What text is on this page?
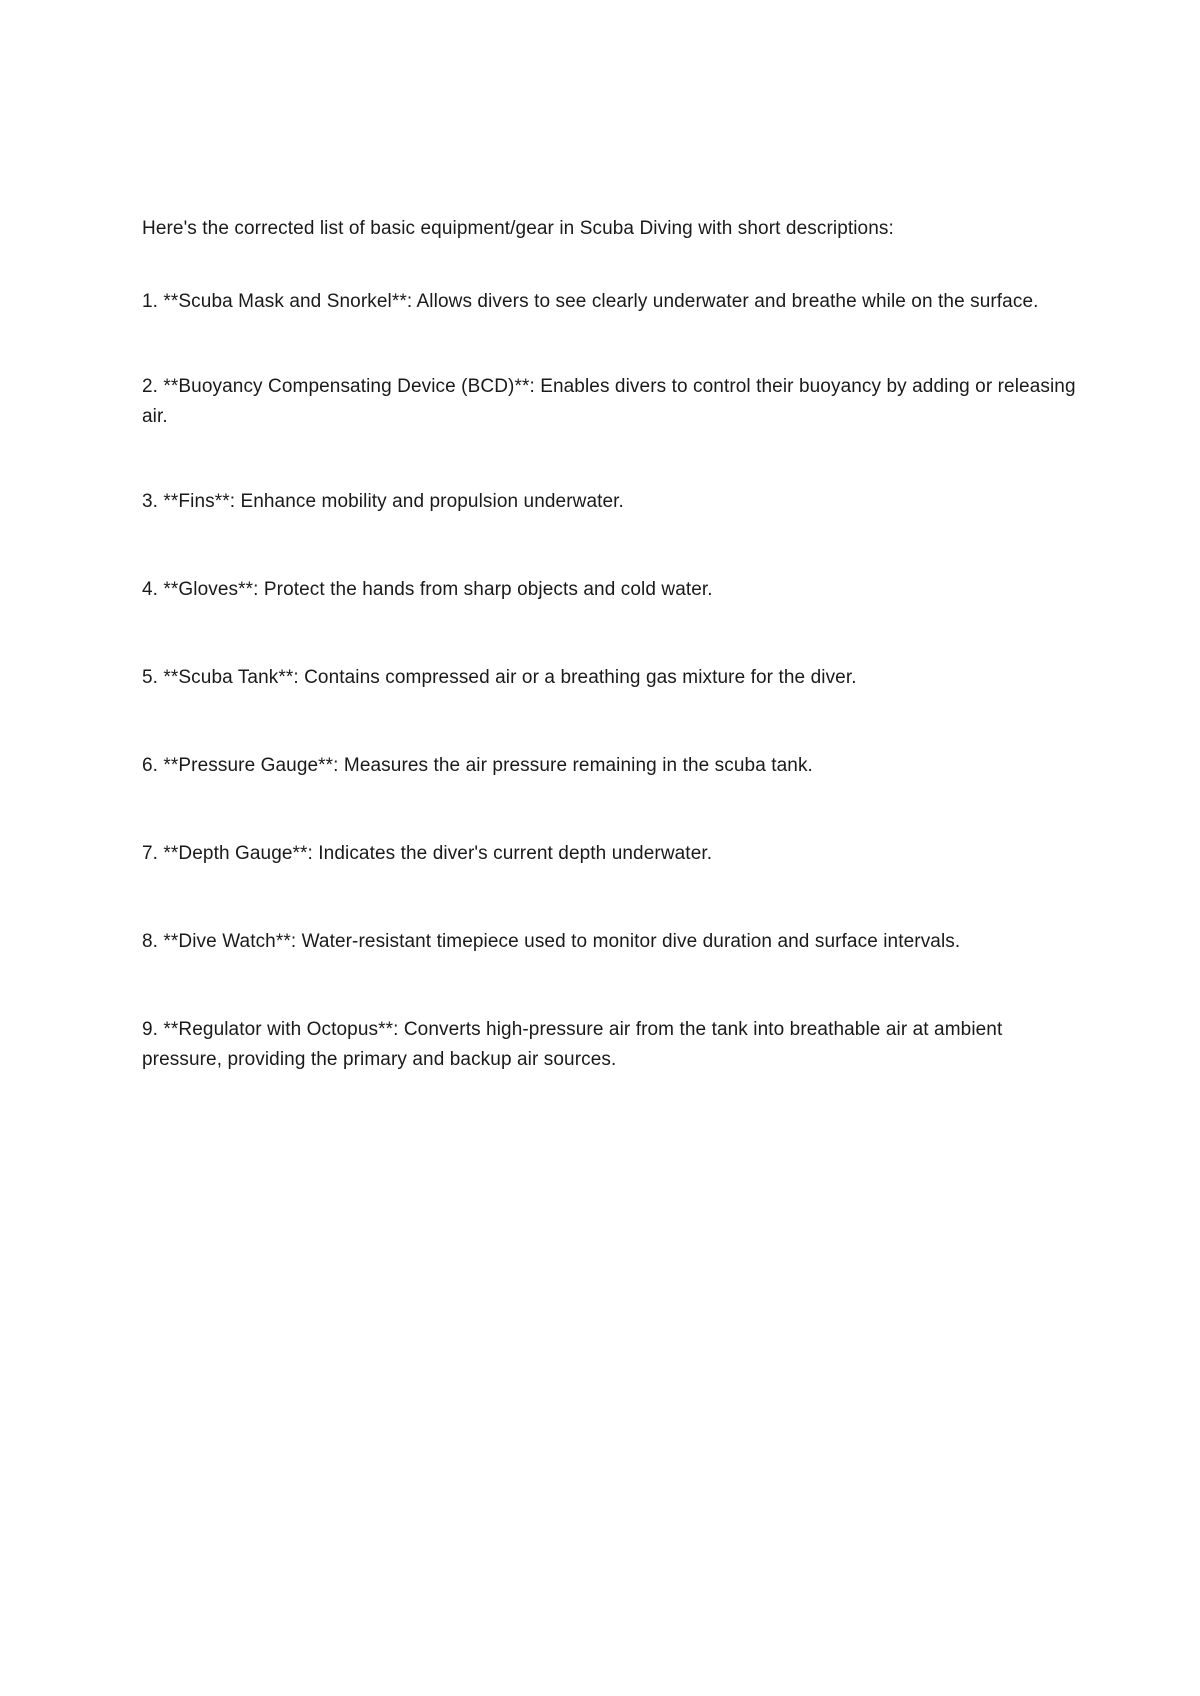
Here's the corrected list of basic equipment/gear in Scuba Diving with short descriptions:

1. **Scuba Mask and Snorkel**: Allows divers to see clearly underwater and breathe while on the surface.

2. **Buoyancy Compensating Device (BCD)**: Enables divers to control their buoyancy by adding or releasing air.

3. **Fins**: Enhance mobility and propulsion underwater.

4. **Gloves**: Protect the hands from sharp objects and cold water.

5. **Scuba Tank**: Contains compressed air or a breathing gas mixture for the diver.

6. **Pressure Gauge**: Measures the air pressure remaining in the scuba tank.

7. **Depth Gauge**: Indicates the diver's current depth underwater.

8. **Dive Watch**: Water-resistant timepiece used to monitor dive duration and surface intervals.

9. **Regulator with Octopus**: Converts high-pressure air from the tank into breathable air at ambient pressure, providing the primary and backup air sources.
